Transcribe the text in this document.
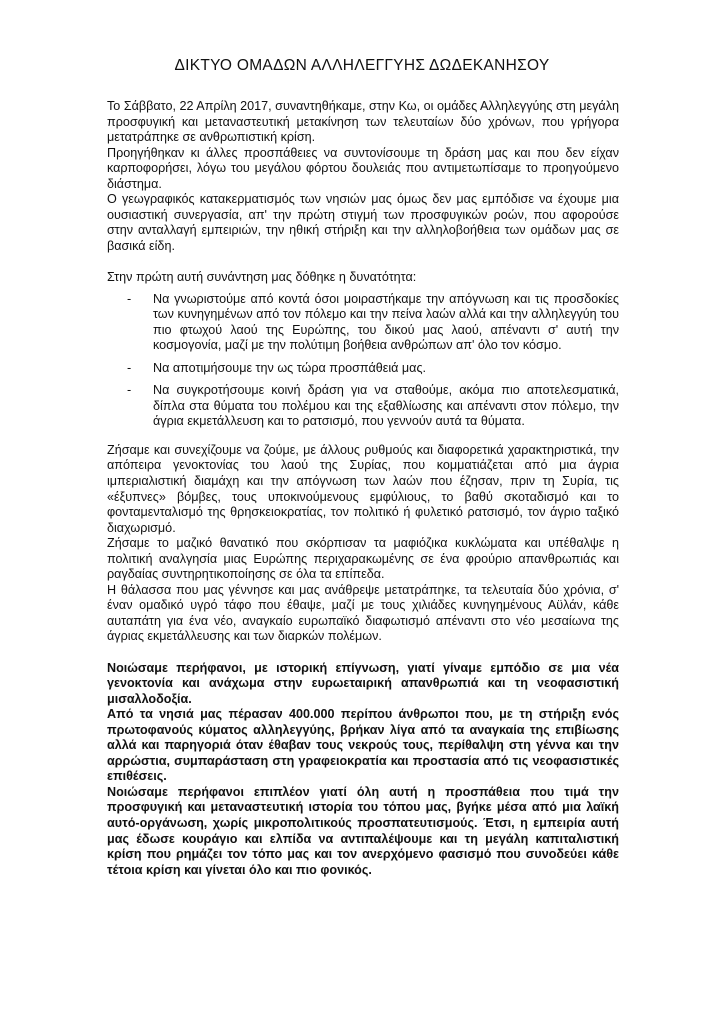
ΔΙΚΤΥΟ ΟΜΑΔΩΝ ΑΛΛΗΛΕΓΓΥΗΣ ΔΩΔΕΚΑΝΗΣΟΥ

Το Σάββατο, 22 Απρίλη 2017, συναντηθήκαμε, στην Κω, οι ομάδες Αλληλεγγύης στη μεγάλη προσφυγική και μεταναστευτική μετακίνηση των τελευταίων δύο χρόνων, που γρήγορα μετατράπηκε σε ανθρωπιστική κρίση.

Προηγήθηκαν κι άλλες προσπάθειες να συντονίσουμε τη δράση μας και που δεν είχαν καρποφορήσει, λόγω του μεγάλου φόρτου δουλειάς που αντιμετωπίσαμε το προηγούμενο διάστημα.

Ο γεωγραφικός κατακερματισμός των νησιών μας όμως δεν μας εμπόδισε να έχουμε μια ουσιαστική συνεργασία, απ' την πρώτη στιγμή των προσφυγικών ροών, που αφορούσε στην ανταλλαγή εμπειριών, την ηθική στήριξη και την αλληλοβοήθεια των ομάδων μας σε βασικά είδη.

Στην πρώτη αυτή συνάντηση μας δόθηκε η δυνατότητα:

- Να γνωριστούμε από κοντά όσοι μοιραστήκαμε την απόγνωση και τις προσδοκίες των κυνηγημένων από τον πόλεμο και την πείνα λαών αλλά και την αλληλεγγύη του πιο φτωχού λαού της Ευρώπης, του δικού μας λαού, απέναντι σ' αυτή την κοσμογονία, μαζί με την πολύτιμη βοήθεια ανθρώπων απ' όλο τον κόσμο.
- Να αποτιμήσουμε την ως τώρα προσπάθειά μας.
- Να συγκροτήσουμε κοινή δράση για να σταθούμε, ακόμα πιο αποτελεσματικά, δίπλα στα θύματα του πολέμου και της εξαθλίωσης και απέναντι στον πόλεμο, την άγρια εκμετάλλευση και το ρατσισμό, που γεννούν αυτά τα θύματα.

Ζήσαμε και συνεχίζουμε να ζούμε, με άλλους ρυθμούς και διαφορετικά χαρακτηριστικά, την απόπειρα γενοκτονίας του λαού της Συρίας, που κομματιάζεται από μια άγρια ιμπεριαλιστική διαμάχη και την απόγνωση των λαών που έζησαν, πριν τη Συρία, τις «έξυπνες» βόμβες, τους υποκινούμενους εμφύλιους, το βαθύ σκοταδισμό και το φονταμενταλισμό της θρησκειοκρατίας, τον πολιτικό ή φυλετικό ρατσισμό, τον άγριο ταξικό διαχωρισμό.

Ζήσαμε το μαζικό θανατικό που σκόρπισαν τα μαφιόζικα κυκλώματα και υπέθαλψε η πολιτική αναλγησία μιας Ευρώπης περιχαρακωμένης σε ένα φρούριο απανθρωπιάς και ραγδαίας συντηρητικοποίησης σε όλα τα επίπεδα.

Η θάλασσα που μας γέννησε και μας ανάθρεψε μετατράπηκε, τα τελευταία δύο χρόνια, σ' έναν ομαδικό υγρό τάφο που έθαψε, μαζί με τους χιλιάδες κυνηγημένους Αϋλάν, κάθε αυταπάτη για ένα νέο, αναγκαίο ευρωπαϊκό διαφωτισμό απέναντι στο νέο μεσαίωνα της άγριας εκμετάλλευσης και των διαρκών πολέμων.

Νοιώσαμε περήφανοι, με ιστορική επίγνωση, γιατί γίναμε εμπόδιο σε μια νέα γενοκτονία και ανάχωμα στην ευρωεταιρική απανθρωπιά και τη νεοφασιστική μισαλλοδοξία.

Από τα νησιά μας πέρασαν 400.000 περίπου άνθρωποι που, με τη στήριξη ενός πρωτοφανούς κύματος αλληλεγγύης, βρήκαν λίγα από τα αναγκαία της επιβίωσης αλλά και παρηγοριά όταν έθαβαν τους νεκρούς τους, περίθαλψη στη γέννα και την αρρώστια, συμπαράσταση στη γραφειοκρατία και προστασία από τις νεοφασιστικές επιθέσεις.

Νοιώσαμε περήφανοι επιπλέον γιατί όλη αυτή η προσπάθεια που τιμά την προσφυγική και μεταναστευτική ιστορία του τόπου μας, βγήκε μέσα από μια λαϊκή αυτό-οργάνωση, χωρίς μικροπολιτικούς προσπατευτισμούς. Έτσι, η εμπειρία αυτή μας έδωσε κουράγιο και ελπίδα να αντιπαλέψουμε και τη μεγάλη καπιταλιστική κρίση που ρημάζει τον τόπο μας και τον ανερχόμενο φασισμό που συνοδεύει κάθε τέτοια κρίση και γίνεται όλο και πιο φονικός.
